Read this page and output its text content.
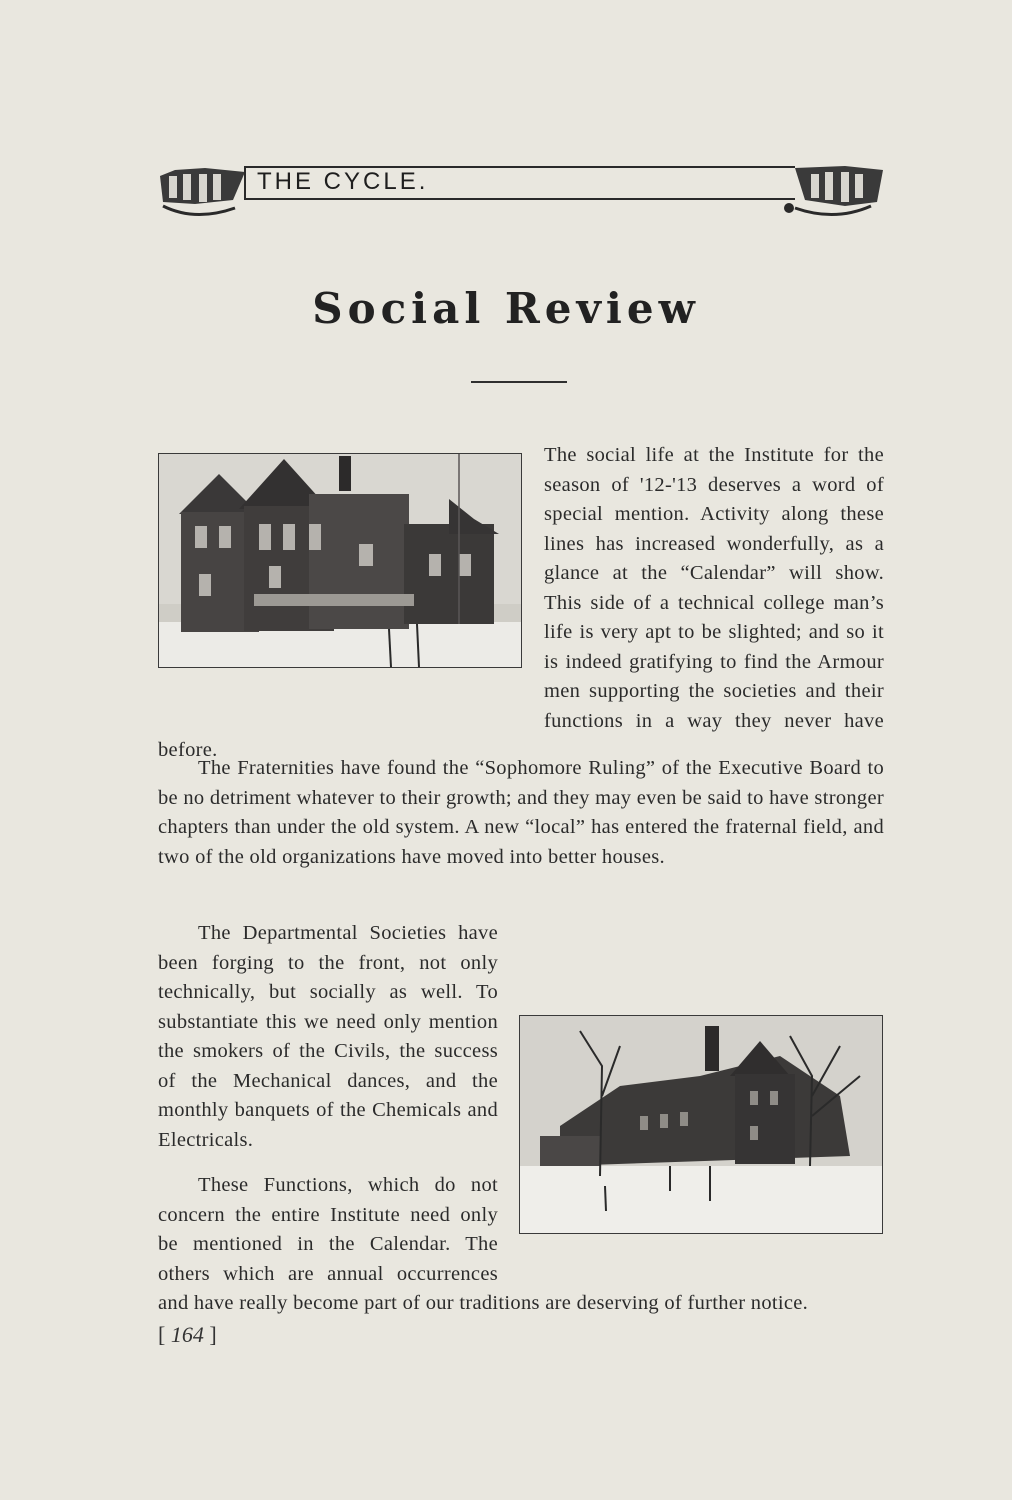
THE CYCLE.
Social Review

The social life at the Institute for the season of '12-'13 deserves a word of special mention. Activity along these lines has increased wonderfully, as a glance at the “Calendar” will show. This side of a technical college man’s life is very apt to be slighted; and so it is indeed gratifying to find the Armour men supporting the societies and their functions in a way they never have before.

The Fraternities have found the “Sophomore Ruling” of the Executive Board to be no detriment whatever to their growth; and they may even be said to have stronger chapters than under the old system. A new “local” has entered the fraternal field, and two of the old organizations have moved into better houses.

The Departmental Societies have been forging to the front, not only technically, but socially as well. To substantiate this we need only mention the smokers of the Civils, the success of the Mechanical dances, and the monthly banquets of the Chemicals and Electricals.

These Functions, which do not concern the entire Institute need only be mentioned in the Calendar. The others which are annual occurrences and have really become part of our traditions are deserving of further notice.

[ 164 ]
